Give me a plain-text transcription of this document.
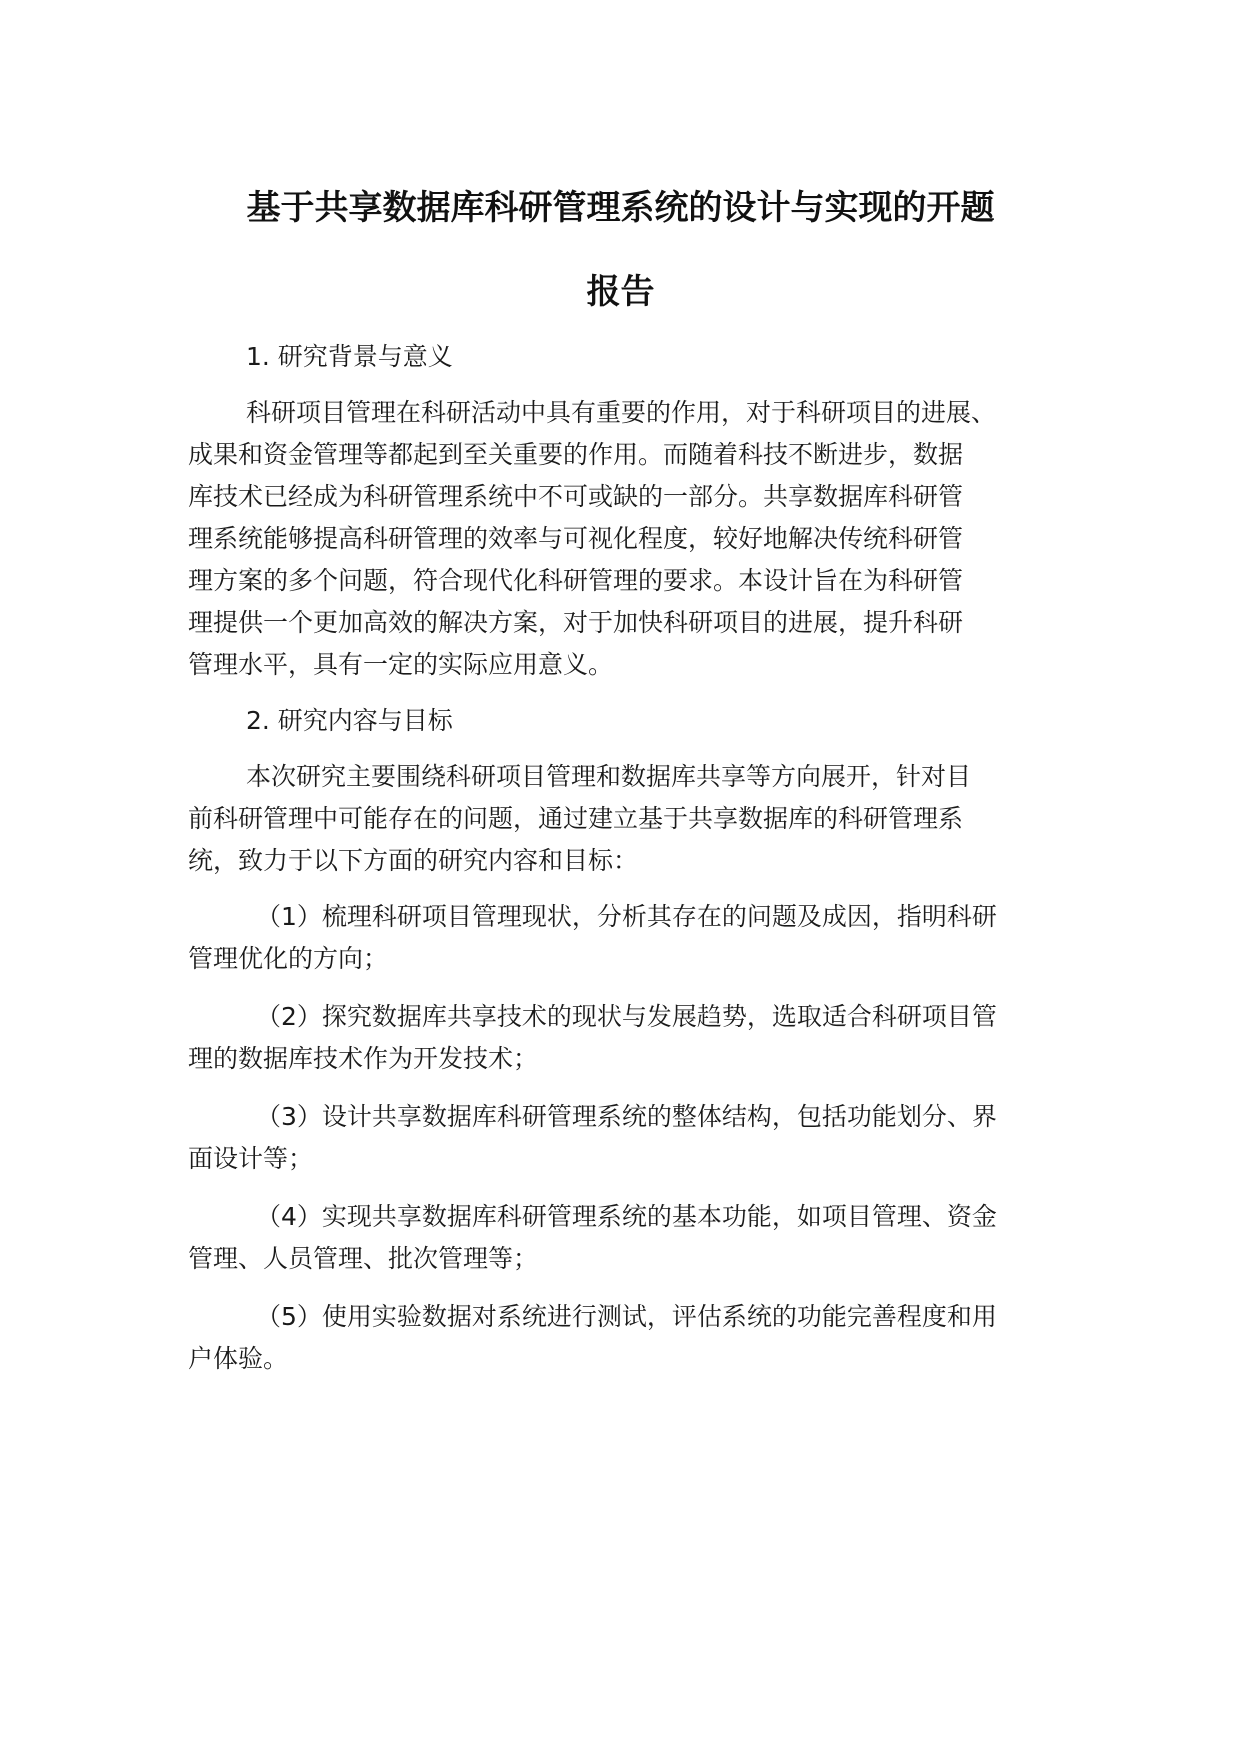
基于共享数据库科研管理系统的设计与实现的开题
报告
1. 研究背景与意义
科研项目管理在科研活动中具有重要的作用，对于科研项目的进展、
成果和资金管理等都起到至关重要的作用。而随着科技不断进步，数据
库技术已经成为科研管理系统中不可或缺的一部分。共享数据库科研管
理系统能够提高科研管理的效率与可视化程度，较好地解决传统科研管
理方案的多个问题，符合现代化科研管理的要求。本设计旨在为科研管
理提供一个更加高效的解决方案，对于加快科研项目的进展，提升科研
管理水平，具有一定的实际应用意义。
2. 研究内容与目标
本次研究主要围绕科研项目管理和数据库共享等方向展开，针对目
前科研管理中可能存在的问题，通过建立基于共享数据库的科研管理系
统，致力于以下方面的研究内容和目标：
（1）梳理科研项目管理现状，分析其存在的问题及成因，指明科研
管理优化的方向；
（2）探究数据库共享技术的现状与发展趋势，选取适合科研项目管
理的数据库技术作为开发技术；
（3）设计共享数据库科研管理系统的整体结构，包括功能划分、界
面设计等；
（4）实现共享数据库科研管理系统的基本功能，如项目管理、资金
管理、人员管理、批次管理等；
（5）使用实验数据对系统进行测试，评估系统的功能完善程度和用
户体验。
